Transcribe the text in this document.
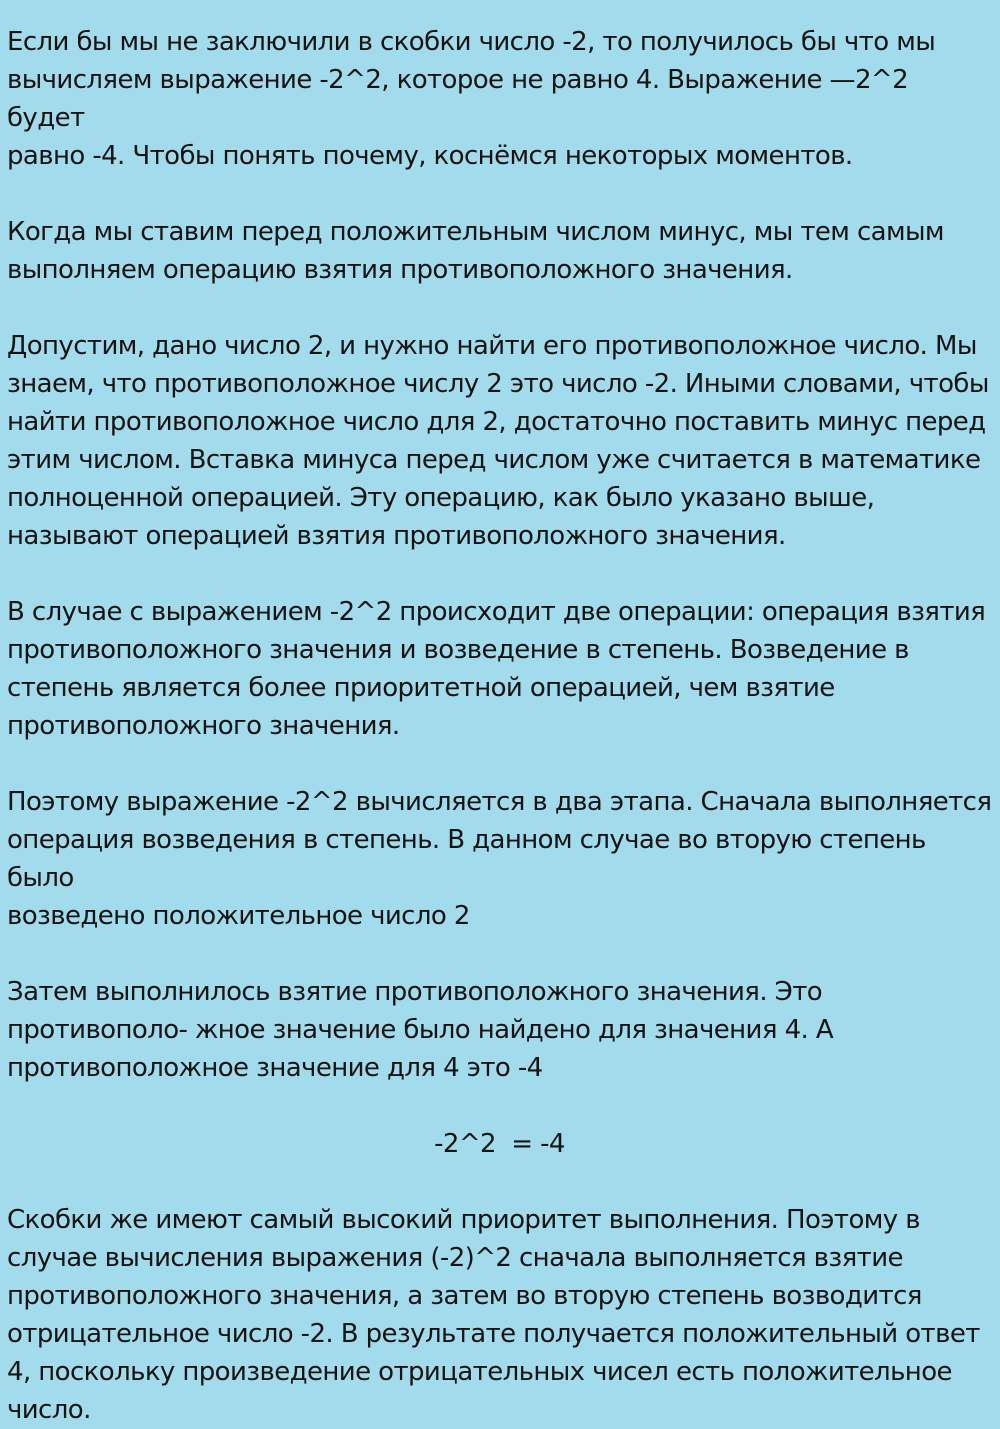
Если бы мы не заключили в скобки число -2, то получилось бы что мы
вычисляем выражение -2^2, которое не равно 4. Выражение —2^2 будет
равно -4. Чтобы понять почему, коснёмся некоторых моментов.

Когда мы ставим перед положительным числом минус, мы тем самым
выполняем операцию взятия противоположного значения.

Допустим, дано число 2, и нужно найти его противоположное число. Мы
знаем, что противоположное числу 2 это число -2. Иными словами, чтобы
найти противоположное число для 2, достаточно поставить минус перед
этим числом. Вставка минуса перед числом уже считается в математике
полноценной операцией. Эту операцию, как было указано выше,
называют операцией взятия противоположного значения.

В случае с выражением -2^2 происходит две операции: операция взятия
противоположного значения и возведение в степень. Возведение в
степень является более приоритетной операцией, чем взятие
противоположного значения.

Поэтому выражение -2^2 вычисляется в два этапа. Сначала выполняется
операция возведения в степень. В данном случае во вторую степень было
возведено положительное число 2

Затем выполнилось взятие противоположного значения. Это
противополо- жное значение было найдено для значения 4. А
противоположное значение для 4 это -4

-2^2  = -4

Скобки же имеют самый высокий приоритет выполнения. Поэтому в
случае вычисления выражения (-2)^2 сначала выполняется взятие
противоположного значения, а затем во вторую степень возводится
отрицательное число -2. В результате получается положительный ответ
4, поскольку произведение отрицательных чисел есть положительное
число.
